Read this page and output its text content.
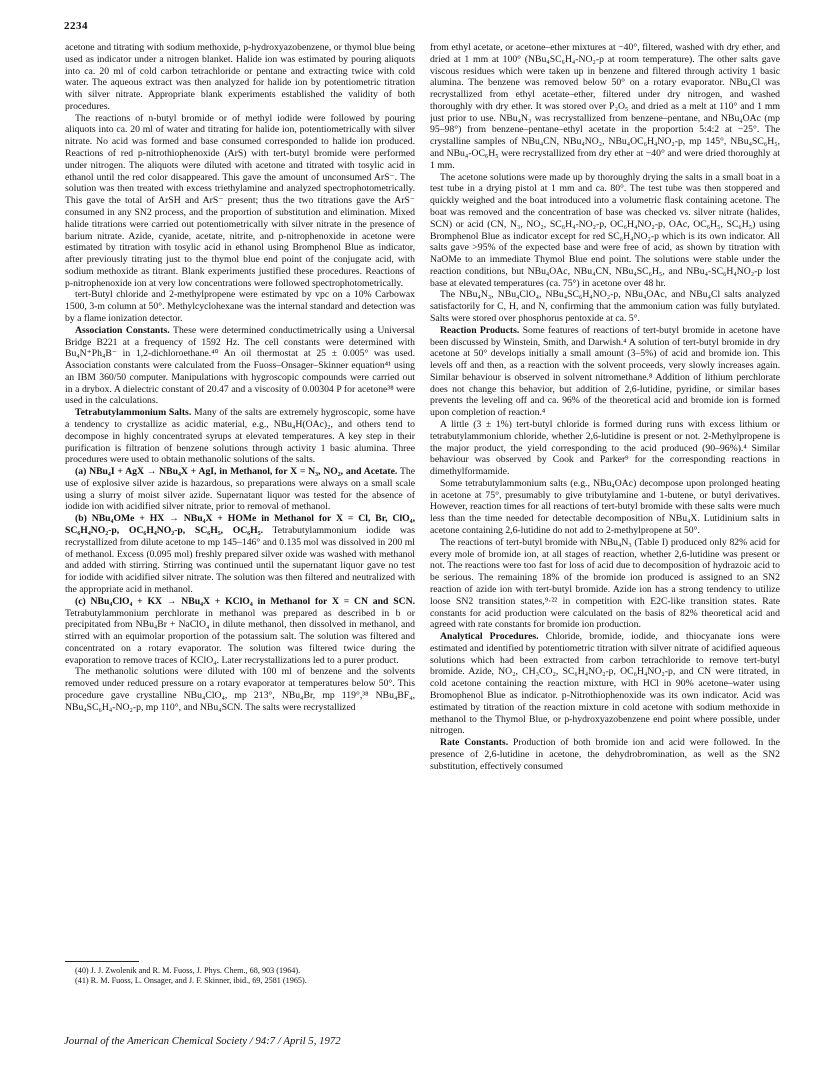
2234

acetone and titrating with sodium methoxide, p-hydroxyazobenzene, or thymol blue being used as indicator under a nitrogen blanket. Halide ion was estimated by pouring aliquots into ca. 20 ml of cold carbon tetrachloride or pentane and extracting twice with cold water. The aqueous extract was then analyzed for halide ion by potentiometric titration with silver nitrate. Appropriate blank experiments established the validity of both procedures.

The reactions of n-butyl bromide or of methyl iodide were followed by pouring aliquots into ca. 20 ml of water and titrating for halide ion, potentiometrically with silver nitrate. No acid was formed and base consumed corresponded to halide ion produced. Reactions of red p-nitrothiophenoxide (ArS) with tert-butyl bromide were performed under nitrogen. The aliquots were diluted with acetone and titrated with tosylic acid in ethanol until the red color disappeared. This gave the amount of unconsumed ArS⁻. The solution was then treated with excess triethylamine and analyzed spectrophotometrically. This gave the total of ArSH and ArS⁻ present; thus the two titrations gave the ArS⁻ consumed in any SN2 process, and the proportion of substitution and elimination. Mixed halide titrations were carried out potentiometrically with silver nitrate in the presence of barium nitrate. Azide, cyanide, acetate, nitrite, and p-nitrophenoxide in acetone were estimated by titration with tosylic acid in ethanol using Bromphenol Blue as indicator, after previously titrating just to the thymol blue end point of the conjugate acid, with sodium methoxide as titrant. Blank experiments justified these procedures. Reactions of p-nitrophenoxide ion at very low concentrations were followed spectrophotometrically.

tert-Butyl chloride and 2-methylpropene were estimated by vpc on a 10% Carbowax 1500, 3-m column at 50°. Methylcyclohexane was the internal standard and detection was by a flame ionization detector.

Association Constants. These were determined conductimetrically using a Universal Bridge B221 at a frequency of 1592 Hz. The cell constants were determined with Bu₄N⁺Ph₄B⁻ in 1,2-dichloroethane.⁴⁰ An oil thermostat at 25 ± 0.005° was used. Association constants were calculated from the Fuoss–Onsager–Skinner equation⁴¹ using an IBM 360/50 computer. Manipulations with hygroscopic compounds were carried out in a drybox. A dielectric constant of 20.47 and a viscosity of 0.00304 P for acetone³⁸ were used in the calculations.

Tetrabutylammonium Salts. Many of the salts are extremely hygroscopic, some have a tendency to crystallize as acidic material, e.g., NBu₄H(OAc)₂, and others tend to decompose in highly concentrated syrups at elevated temperatures. A key step in their purification is filtration of benzene solutions through activity 1 basic alumina. Three procedures were used to obtain methanolic solutions of the salts.

(a) NBu₄I + AgX → NBu₄X + AgI, in Methanol, for X = N₃, NO₂, and Acetate. The use of explosive silver azide is hazardous, so preparations were always on a small scale using a slurry of moist silver azide. Supernatant liquor was tested for the absence of iodide ion with acidified silver nitrate, prior to removal of methanol.

(b) NBu₄OMe + HX → NBu₄X + HOMe in Methanol for X = Cl, Br, ClO₄, SC₆H₄NO₂-p, OC₆H₄NO₂-p, SC₆H₅, OC₆H₅. Tetrabutylammonium iodide was recrystallized from dilute acetone to mp 145–146° and 0.135 mol was dissolved in 200 ml of methanol. Excess (0.095 mol) freshly prepared silver oxide was washed with methanol and added with stirring. Stirring was continued until the supernatant liquor gave no test for iodide with acidified silver nitrate. The solution was then filtered and neutralized with the appropriate acid in methanol.

(c) NBu₄ClO₄ + KX → NBu₄X + KClO₄ in Methanol for X = CN and SCN. Tetrabutylammonium perchlorate in methanol was prepared as described in b or precipitated from NBu₄Br + NaClO₄ in dilute methanol, then dissolved in methanol, and stirred with an equimolar proportion of the potassium salt. The solution was filtered and concentrated on a rotary evaporator. The solution was filtered twice during the evaporation to remove traces of KClO₄. Later recrystallizations led to a purer product.

The methanolic solutions were diluted with 100 ml of benzene and the solvents removed under reduced pressure on a rotary evaporator at temperatures below 50°. This procedure gave crystalline NBu₄ClO₄, mp 213°, NBu₄Br, mp 119°,³⁸ NBu₄BF₄, NBu₄SC₆H₄-NO₂-p, mp 110°, and NBu₄SCN. The salts were recrystallized

from ethyl acetate, or acetone–ether mixtures at −40°, filtered, washed with dry ether, and dried at 1 mm at 100° (NBu₄SC₆H₄-NO₂-p at room temperature). The other salts gave viscous residues which were taken up in benzene and filtered through activity 1 basic alumina. The benzene was removed below 50° on a rotary evaporator. NBu₄Cl was recrystallized from ethyl acetate–ether, filtered under dry nitrogen, and washed thoroughly with dry ether. It was stored over P₂O₅ and dried as a melt at 110° and 1 mm just prior to use. NBu₄N₃ was recrystallized from benzene–pentane, and NBu₄OAc (mp 95–98°) from benzene–pentane–ethyl acetate in the proportion 5:4:2 at −25°. The crystalline samples of NBu₄CN, NBu₄NO₂, NBu₄OC₆H₄NO₂-p, mp 145°, NBu₄SC₆H₅, and NBu₄-OC₆H₅ were recrystallized from dry ether at −40° and were dried thoroughly at 1 mm.

The acetone solutions were made up by thoroughly drying the salts in a small boat in a test tube in a drying pistol at 1 mm and ca. 80°. The test tube was then stoppered and quickly weighed and the boat introduced into a volumetric flask containing acetone. The boat was removed and the concentration of base was checked vs. silver nitrate (halides, SCN) or acid (CN, N₃, NO₂, SC₆H₄-NO₂-p, OC₆H₄NO₂-p, OAc, OC₆H₅, SC₆H₅) using Bromphenol Blue as indicator except for red SC₆H₄NO₂-p which is its own indicator. All salts gave >95% of the expected base and were free of acid, as shown by titration with NaOMe to an immediate Thymol Blue end point. The solutions were stable under the reaction conditions, but NBu₄OAc, NBu₄CN, NBu₄SC₆H₅, and NBu₄-SC₆H₄NO₂-p lost base at elevated temperatures (ca. 75°) in acetone over 48 hr.

The NBu₄N₃, NBu₄ClO₄, NBu₄SC₆H₄NO₂-p, NBu₄OAc, and NBu₄Cl salts analyzed satisfactorily for C, H, and N, confirming that the ammonium cation was fully butylated. Salts were stored over phosphorus pentoxide at ca. 5°.

Reaction Products. Some features of reactions of tert-butyl bromide in acetone have been discussed by Winstein, Smith, and Darwish.⁴ A solution of tert-butyl bromide in dry acetone at 50° develops initially a small amount (3–5%) of acid and bromide ion. This levels off and then, as a reaction with the solvent proceeds, very slowly increases again. Similar behaviour is observed in solvent nitromethane.⁸ Addition of lithium perchlorate does not change this behavior, but addition of 2,6-lutidine, pyridine, or similar bases prevents the leveling off and ca. 96% of the theoretical acid and bromide ion is formed upon completion of reaction.⁴

A little (3 ± 1%) tert-butyl chloride is formed during runs with excess lithium or tetrabutylammonium chloride, whether 2,6-lutidine is present or not. 2-Methylpropene is the major product, the yield corresponding to the acid produced (90–96%).⁴ Similar behaviour was observed by Cook and Parker⁹ for the corresponding reactions in dimethylformamide.

Some tetrabutylammonium salts (e.g., NBu₄OAc) decompose upon prolonged heating in acetone at 75°, presumably to give tributylamine and 1-butene, or butyl derivatives. However, reaction times for all reactions of tert-butyl bromide with these salts were much less than the time needed for detectable decomposition of NBu₄X. Lutidinium salts in acetone containing 2,6-lutidine do not add to 2-methylpropene at 50°.

The reactions of tert-butyl bromide with NBu₄N₃ (Table I) produced only 82% acid for every mole of bromide ion, at all stages of reaction, whether 2,6-lutidine was present or not. The reactions were too fast for loss of acid due to decomposition of hydrazoic acid to be serious. The remaining 18% of the bromide ion produced is assigned to an SN2 reaction of azide ion with tert-butyl bromide. Azide ion has a strong tendency to utilize loose SN2 transition states,⁹·²² in competition with E2C-like transition states. Rate constants for acid production were calculated on the basis of 82% theoretical acid and agreed with rate constants for bromide ion production.

Analytical Procedures. Chloride, bromide, iodide, and thiocyanate ions were estimated and identified by potentiometric titration with silver nitrate of acidified aqueous solutions which had been extracted from carbon tetrachloride to remove tert-butyl bromide. Azide, NO₂, CH₃CO₂, SC₆H₄NO₂-p, OC₆H₄NO₂-p, and CN were titrated, in cold acetone containing the reaction mixture, with HCl in 90% acetone–water using Bromophenol Blue as indicator. p-Nitrothiophenoxide was its own indicator. Acid was estimated by titration of the reaction mixture in cold acetone with sodium methoxide in methanol to the Thymol Blue, or p-hydroxyazobenzene end point where possible, under nitrogen.

Rate Constants. Production of both bromide ion and acid were followed. In the presence of 2,6-lutidine in acetone, the dehydrobromination, as well as the SN2 substitution, effectively consumed

(40) J. J. Zwolenik and R. M. Fuoss, J. Phys. Chem., 68, 903 (1964).

(41) R. M. Fuoss, L. Onsager, and J. F. Skinner, ibid., 69, 2581 (1965).

Journal of the American Chemical Society / 94:7 / April 5, 1972
